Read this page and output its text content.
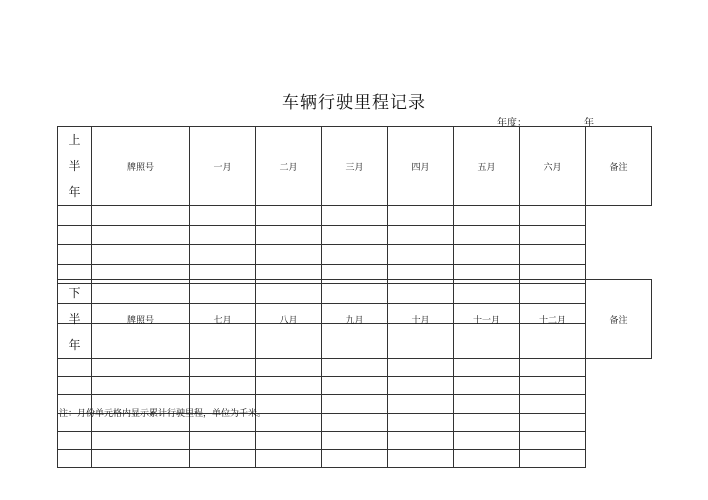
车辆行驶里程记录
年度：	年
上
半
年	牌照号	一月	二月	三月	四月	五月	六月	备注

下
半
年	牌照号	七月	八月	九月	十月	十一月	十二月	备注

注：月份单元格内显示累计行驶里程，单位为千米。
